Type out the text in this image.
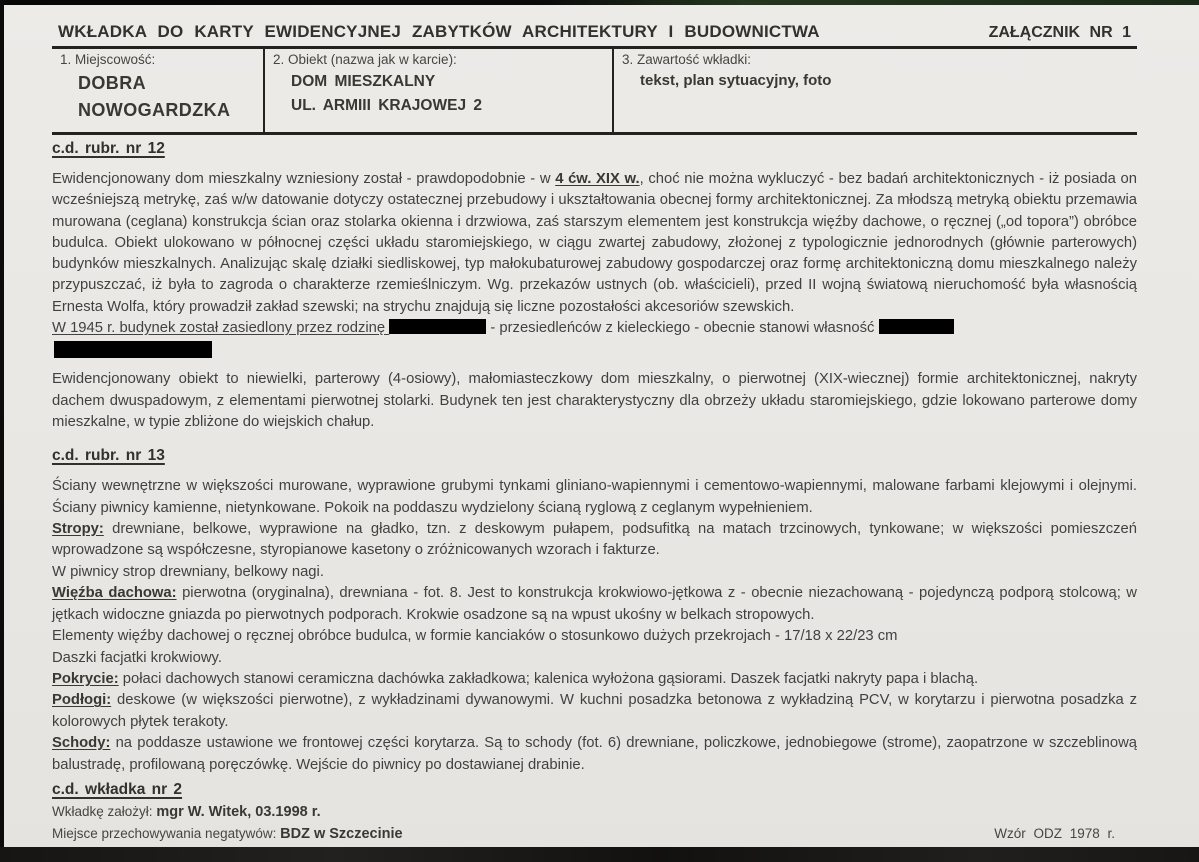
WKŁADKA DO KARTY EWIDENCYJNEJ ZABYTKÓW ARCHITEKTURY I BUDOWNICTWA	ZAŁĄCZNIK NR 1
1. Miejscowość:
DOBRA
NOWOGARDZKA
2. Obiekt (nazwa jak w karcie):
DOM MIESZKALNY
UL. ARMIII KRAJOWEJ 2
3. Zawartość wkładki:
tekst, plan sytuacyjny, foto
c.d. rubr. nr 12
Ewidencjonowany dom mieszkalny wzniesiony został - prawdopodobnie - w 4 ćw. XIX w., choć nie można wykluczyć - bez badań architektonicznych - iż posiada on wcześniejszą metrykę, zaś w/w datowanie dotyczy ostatecznej przebudowy i ukształtowania obecnej formy architektonicznej. Za młodszą metryką obiektu przemawia murowana (ceglana) konstrukcja ścian oraz stolarka okienna i drzwiowa, zaś starszym elementem jest konstrukcja więźby dachowe, o ręcznej („od topora”) obróbce budulca. Obiekt ulokowano w północnej części układu staromiejskiego, w ciągu zwartej zabudowy, złożonej z typologicznie jednorodnych (głównie parterowych) budynków mieszkalnych. Analizując skalę działki siedliskowej, typ małokubaturowej zabudowy gospodarczej oraz formę architektoniczną domu mieszkalnego należy przypuszczać, iż była to zagroda o charakterze rzemieślniczym. Wg. przekazów ustnych (ob. właścicieli), przed II wojną światową nieruchomość była własnością Ernesta Wolfa, który prowadził zakład szewski; na strychu znajdują się liczne pozostałości akcesoriów szewskich.
W 1945 r. budynek został zasiedlony przez rodzinę	- przesiedleńców z kieleckiego - obecnie stanowi własność
Ewidencjonowany obiekt to niewielki, parterowy (4-osiowy), małomiasteczkowy dom mieszkalny, o pierwotnej (XIX-wiecznej) formie architektonicznej, nakryty dachem dwuspadowym, z elementami pierwotnej stolarki. Budynek ten jest charakterystyczny dla obrzeży układu staromiejskiego, gdzie lokowano parterowe domy mieszkalne, w typie zbliżone do wiejskich chałup.
c.d. rubr. nr 13
Ściany wewnętrzne w większości murowane, wyprawione grubymi tynkami gliniano-wapiennymi i cementowo-wapiennymi, malowane farbami klejowymi i olejnymi. Ściany piwnicy kamienne, nietynkowane. Pokoik na poddaszu wydzielony ścianą ryglową z ceglanym wypełnieniem.
Stropy: drewniane, belkowe, wyprawione na gładko, tzn. z deskowym pułapem, podsufitką na matach trzcinowych, tynkowane; w większości pomieszczeń wprowadzone są współczesne, styropianowe kasetony o zróżnicowanych wzorach i fakturze.
W piwnicy strop drewniany, belkowy nagi.
Więźba dachowa: pierwotna (oryginalna), drewniana - fot. 8. Jest to konstrukcja krokwiowo-jętkowa z - obecnie niezachowaną - pojedynczą podporą stolcową; w jętkach widoczne gniazda po pierwotnych podporach. Krokwie osadzone są na wpust ukośny w belkach stropowych.
Elementy więźby dachowej o ręcznej obróbce budulca, w formie kanciaków o stosunkowo dużych przekrojach - 17/18 x 22/23 cm
Daszki facjatki krokwiowy.
Pokrycie: połaci dachowych stanowi ceramiczna dachówka zakładkowa; kalenica wyłożona gąsiorami. Daszek facjatki nakryty papa i blachą.
Podłogi: deskowe (w większości pierwotne), z wykładzinami dywanowymi. W kuchni posadzka betonowa z wykładziną PCV, w korytarzu i pierwotna posadzka z kolorowych płytek terakoty.
Schody: na poddasze ustawione we frontowej części korytarza. Są to schody (fot. 6) drewniane, policzkowe, jednobiegowe (strome), zaopatrzone w szczeblinową balustradę, profilowaną poręczówkę. Wejście do piwnicy po dostawianej drabinie.
c.d. wkładka nr 2
Wkładkę założył: mgr W. Witek, 03.1998 r.
Miejsce przechowywania negatywów: BDZ w Szczecinie	Wzór ODZ 1978 r.
